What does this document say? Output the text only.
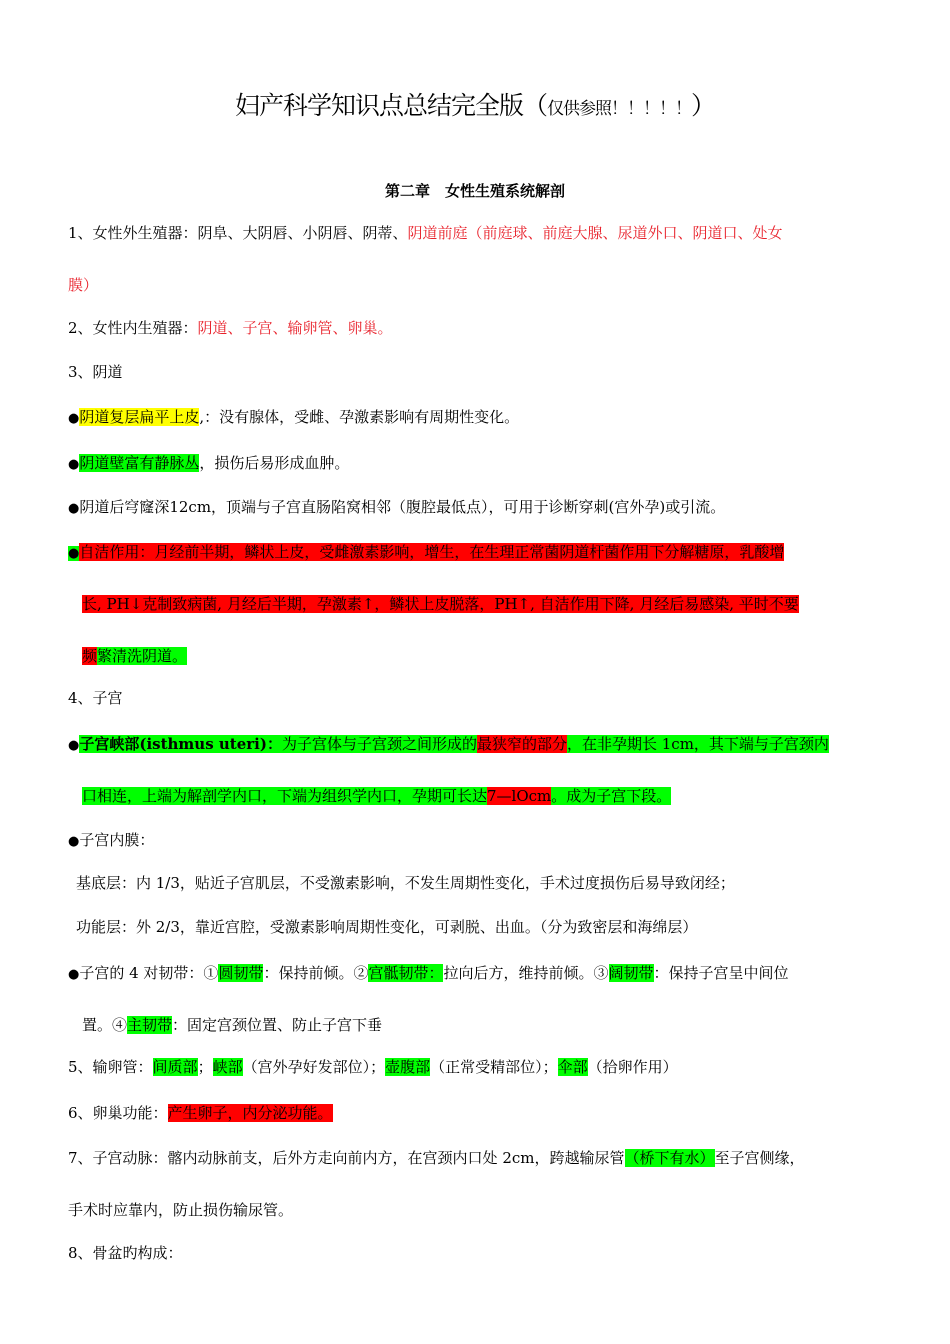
妇产科学知识点总结完全版（仅供参照！！！！！）
第二章　女性生殖系统解剖
1、女性外生殖器：阴阜、大阴唇、小阴唇、阴蒂、阴道前庭（前庭球、前庭大腺、尿道外口、阴道口、处女
膜）
2、女性内生殖器：阴道、子宫、输卵管、卵巢。
3、阴道
●阴道复层扁平上皮,：没有腺体，受雌、孕激素影响有周期性变化。
●阴道壁富有静脉丛，损伤后易形成血肿。
●阴道后穹窿深12cm，顶端与子宫直肠陷窝相邻（腹腔最低点），可用于诊断穿刺(宫外孕)或引流。
●自洁作用：月经前半期，鳞状上皮，受雌激素影响，增生，在生理正常菌阴道杆菌作用下分解糖原，乳酸增
长, PH↓克制致病菌, 月经后半期，孕激素↑，鳞状上皮脱落，PH↑, 自洁作用下降, 月经后易感染, 平时不要
频繁清洗阴道。
4、子宫
●子宫峡部(isthmus uteri)：为子宫体与子宫颈之间形成的最狭窄的部分，在非孕期长 1cm，其下端与子宫颈内
口相连，上端为解剖学内口，下端为组织学内口，孕期可长达7—lOcm。成为子宫下段。
●子宫内膜：
基底层：内 1/3，贴近子宫肌层，不受激素影响，不发生周期性变化，手术过度损伤后易导致闭经；
功能层：外 2/3，靠近宫腔，受激素影响周期性变化，可剥脱、出血。（分为致密层和海绵层）
●子宫的 4 对韧带：①圆韧带：保持前倾。②宫骶韧带：拉向后方，维持前倾。③阔韧带：保持子宫呈中间位
置。④主韧带：固定宫颈位置、防止子宫下垂
5、输卵管：间质部；峡部（宫外孕好发部位）；壶腹部（正常受精部位）；伞部（拾卵作用）
6、卵巢功能：产生卵子，内分泌功能。
7、子宫动脉：髂内动脉前支，后外方走向前内方，在宫颈内口处 2cm，跨越输尿管（桥下有水）至子宫侧缘，
手术时应靠内，防止损伤输尿管。
8、骨盆旳构成：
